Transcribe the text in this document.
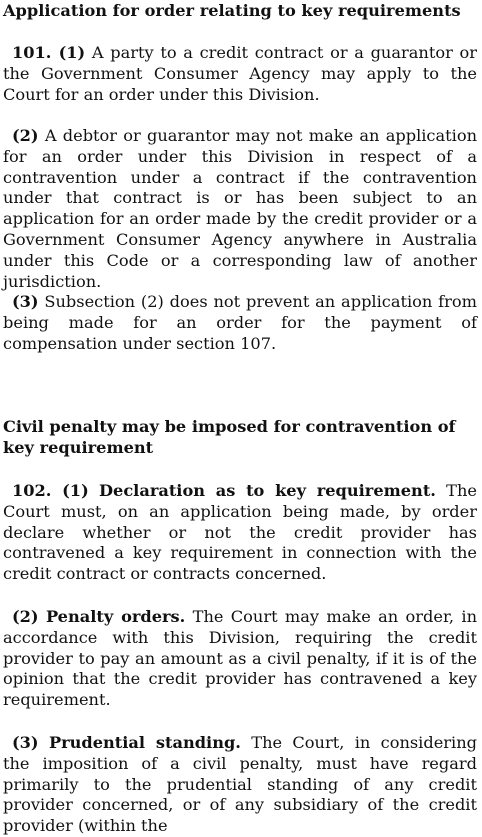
Application for order relating to key requirements

101. (1) A party to a credit contract or a guarantor or the Government Consumer Agency may apply to the Court for an order under this Division.

(2) A debtor or guarantor may not make an application for an order under this Division in respect of a contravention under a contract if the contravention under that contract is or has been subject to an application for an order made by the credit provider or a Government Consumer Agency anywhere in Australia under this Code or a corresponding law of another jurisdiction.

(3) Subsection (2) does not prevent an application from being made for an order for the payment of compensation under section 107.

Civil penalty may be imposed for contravention of key requirement

102. (1) Declaration as to key requirement. The Court must, on an application being made, by order declare whether or not the credit provider has contravened a key requirement in connection with the credit contract or contracts concerned.

(2) Penalty orders. The Court may make an order, in accordance with this Division, requiring the credit provider to pay an amount as a civil penalty, if it is of the opinion that the credit provider has contravened a key requirement.

(3) Prudential standing. The Court, in considering the imposition of a civil penalty, must have regard primarily to the prudential standing of any credit provider concerned, or of any subsidiary of the credit provider (within the
